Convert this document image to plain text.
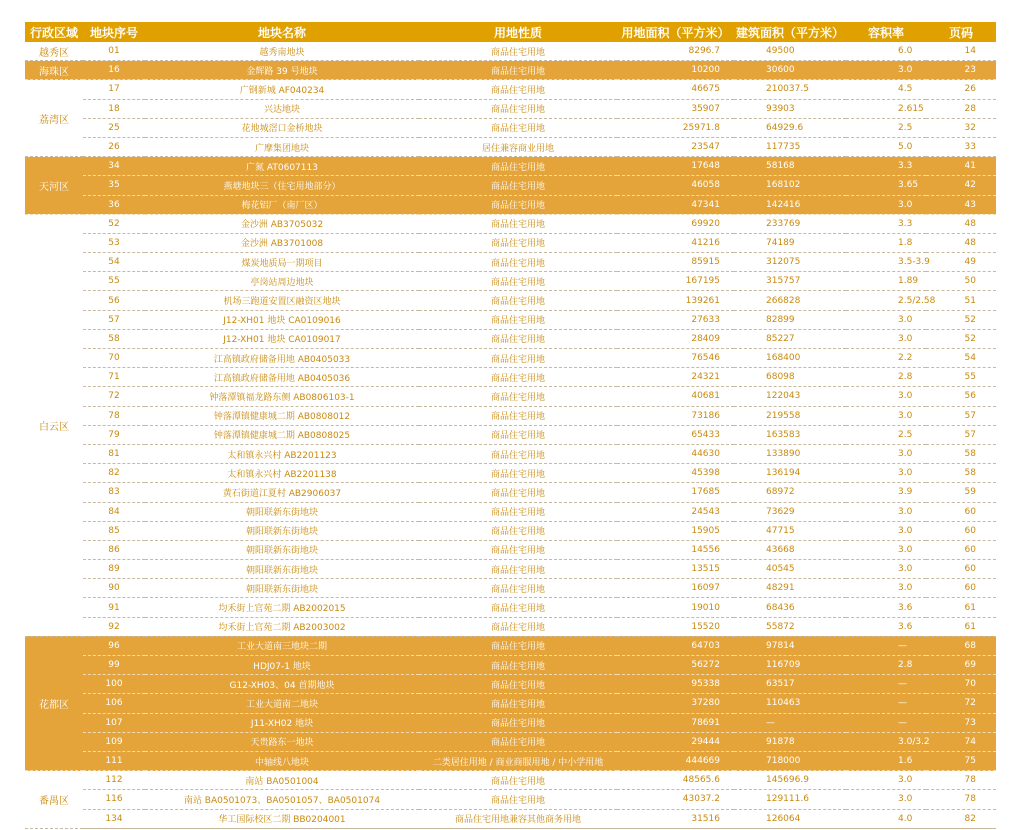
行政区域	地块序号	地块名称	用地性质	用地面积（平方米）	建筑面积（平方米）	容积率	页码
越秀区	01	越秀南地块	商品住宅用地	8296.7	49500	6.0	14
海珠区	16	金辉路 39 号地块	商品住宅用地	10200	30600	3.0	23
荔湾区	17	广钢新城 AF040234	商品住宅用地	46675	210037.5	4.5	26
	18	兴达地块	商品住宅用地	35907	93903	2.615	28
	25	花地城滘口金桥地块	商品住宅用地	25971.8	64929.6	2.5	32
	26	广摩集团地块	居住兼容商业用地	23547	117735	5.0	33
天河区	34	广氮 AT0607113	商品住宅用地	17648	58168	3.3	41
	35	燕塘地块三（住宅用地部分）	商品住宅用地	46058	168102	3.65	42
	36	梅花铝厂（南厂区）	商品住宅用地	47341	142416	3.0	43
白云区	52	金沙洲 AB3705032	商品住宅用地	69920	233769	3.3	48
	53	金沙洲 AB3701008	商品住宅用地	41216	74189	1.8	48
	54	煤炭地质局一期项目	商品住宅用地	85915	312075	3.5-3.9	49
	55	亭岗站周边地块	商品住宅用地	167195	315757	1.89	50
	56	机场三跑道安置区融资区地块	商品住宅用地	139261	266828	2.5/2.58	51
	57	J12-XH01 地块 CA0109016	商品住宅用地	27633	82899	3.0	52
	58	J12-XH01 地块 CA0109017	商品住宅用地	28409	85227	3.0	52
	70	江高镇政府储备用地 AB0405033	商品住宅用地	76546	168400	2.2	54
	71	江高镇政府储备用地 AB0405036	商品住宅用地	24321	68098	2.8	55
	72	钟落潭镇福龙路东侧 AB0806103-1	商品住宅用地	40681	122043	3.0	56
	78	钟落潭镇健康城二期 AB0808012	商品住宅用地	73186	219558	3.0	57
	79	钟落潭镇健康城二期 AB0808025	商品住宅用地	65433	163583	2.5	57
	81	太和镇永兴村 AB2201123	商品住宅用地	44630	133890	3.0	58
	82	太和镇永兴村 AB2201138	商品住宅用地	45398	136194	3.0	58
	83	黄石街道江夏村 AB2906037	商品住宅用地	17685	68972	3.9	59
	84	朝阳联新东街地块	商品住宅用地	24543	73629	3.0	60
	85	朝阳联新东街地块	商品住宅用地	15905	47715	3.0	60
	86	朝阳联新东街地块	商品住宅用地	14556	43668	3.0	60
	89	朝阳联新东街地块	商品住宅用地	13515	40545	3.0	60
	90	朝阳联新东街地块	商品住宅用地	16097	48291	3.0	60
	91	均禾街上官苑二期 AB2002015	商品住宅用地	19010	68436	3.6	61
	92	均禾街上官苑二期 AB2003002	商品住宅用地	15520	55872	3.6	61
花都区	96	工业大道南三地块二期	商品住宅用地	64703	97814	—	68
	99	HDJ07-1 地块	商品住宅用地	56272	116709	2.8	69
	100	G12-XH03、04 首期地块	商品住宅用地	95338	63517	—	70
	106	工业大道南二地块	商品住宅用地	37280	110463	—	72
	107	J11-XH02 地块	商品住宅用地	78691	—	—	73
	109	天贵路东一地块	商品住宅用地	29444	91878	3.0/3.2	74
	111	中轴线八地块	二类居住用地 / 商业商服用地 / 中小学用地	444669	718000	1.6	75
番禺区	112	南站 BA0501004	商品住宅用地	48565.6	145696.9	3.0	78
	116	南站 BA0501073、BA0501057、BA0501074	商品住宅用地	43037.2	129111.6	3.0	78
	134	华工国际校区二期 BB0204001	商品住宅用地兼容其他商务用地	31516	126064	4.0	82
